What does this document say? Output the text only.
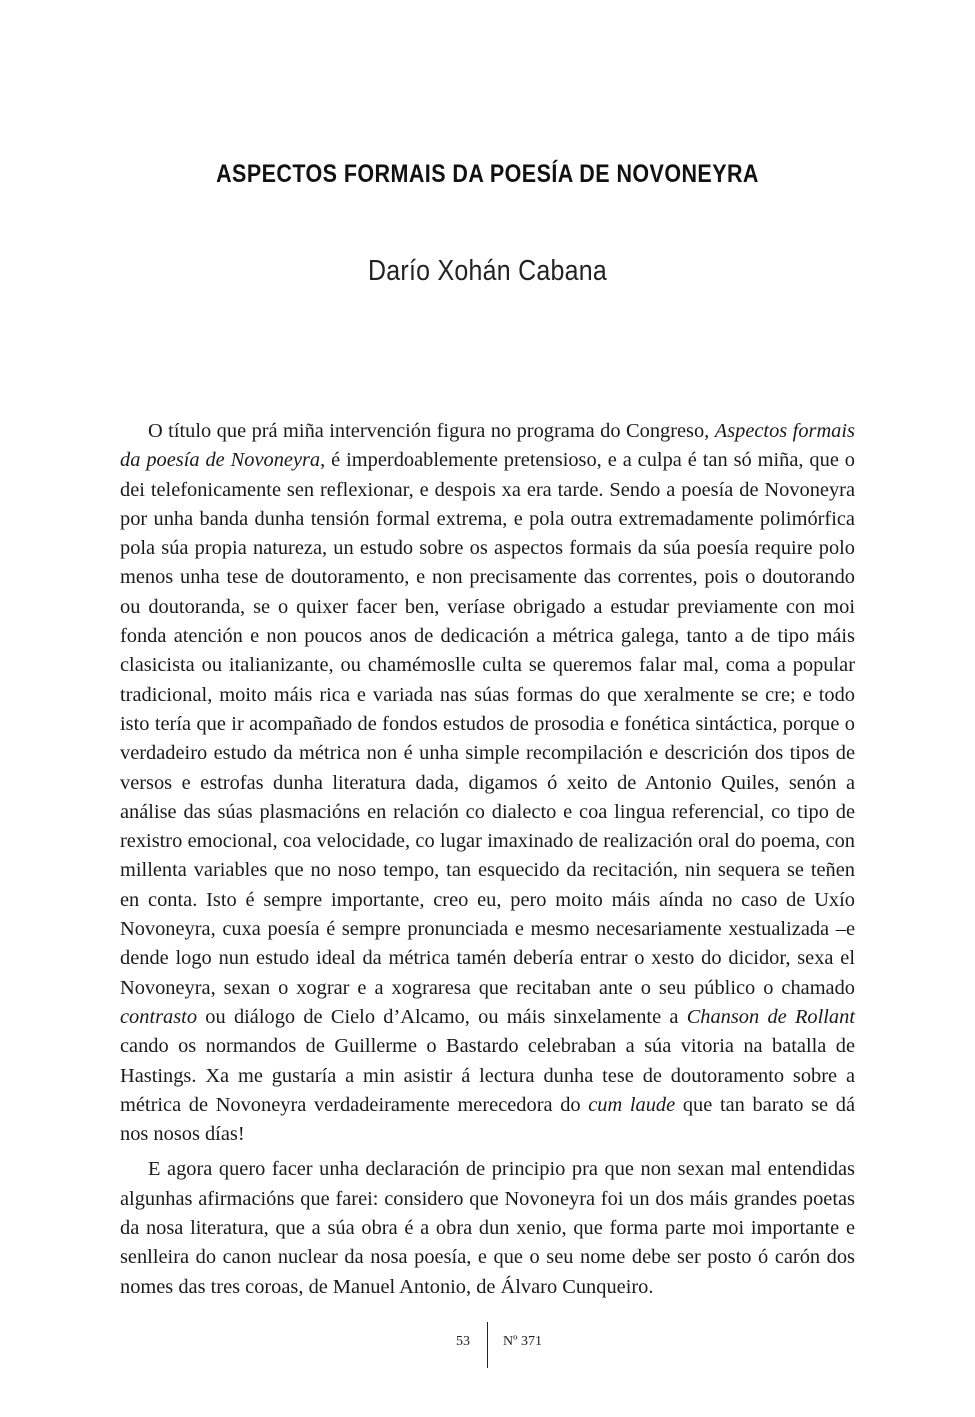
ASPECTOS FORMAIS DA POESÍA DE NOVONEYRA
Darío Xohán Cabana

O título que prá miña intervención figura no programa do Congreso, Aspectos formais da poesía de Novoneyra, é imperdoablemente pretensioso, e a culpa é tan só miña, que o dei telefonicamente sen reflexionar, e despois xa era tarde. Sendo a poesía de Novoneyra por unha banda dunha tensión formal extrema, e pola outra extremadamente polimórfica pola súa propia natureza, un estudo sobre os aspectos formais da súa poesía require polo menos unha tese de doutoramento, e non precisamente das correntes, pois o doutorando ou doutoranda, se o quixer facer ben, veríase obrigado a estudar previamente con moi fonda atención e non poucos anos de dedicación a métrica galega, tanto a de tipo máis clasicista ou italianizante, ou chamémoslle culta se queremos falar mal, coma a popular tradicional, moito máis rica e variada nas súas formas do que xeralmente se cre; e todo isto tería que ir acompañado de fondos estudos de prosodia e fonética sintáctica, porque o verdadeiro estudo da métrica non é unha simple recompilación e descrición dos tipos de versos e estrofas dunha literatura dada, digamos ó xeito de Antonio Quiles, senón a análise das súas plasmacións en relación co dialecto e coa lingua referencial, co tipo de rexistro emocional, coa velocidade, co lugar imaxinado de realización oral do poema, con millenta variables que no noso tempo, tan esquecido da recitación, nin sequera se teñen en conta. Isto é sempre importante, creo eu, pero moito máis aínda no caso de Uxío Novoneyra, cuxa poesía é sempre pronunciada e mesmo necesariamente xestualizada –e dende logo nun estudo ideal da métrica tamén debería entrar o xesto do dicidor, sexa el Novoneyra, sexan o xograr e a xograresa que recitaban ante o seu público o chamado contrasto ou diálogo de Cielo d’Alcamo, ou máis sinxelamente a Chanson de Rollant cando os normandos de Guillerme o Bastardo celebraban a súa vitoria na batalla de Hastings. Xa me gustaría a min asistir á lectura dunha tese de doutoramento sobre a métrica de Novoneyra verdadeiramente merecedora do cum laude que tan barato se dá nos nosos días!

E agora quero facer unha declaración de principio pra que non sexan mal entendidas algunhas afirmacións que farei: considero que Novoneyra foi un dos máis grandes poetas da nosa literatura, que a súa obra é a obra dun xenio, que forma parte moi importante e senlleira do canon nuclear da nosa poesía, e que o seu nome debe ser posto ó carón dos nomes das tres coroas, de Manuel Antonio, de Álvaro Cunqueiro.

53 Nº 371
